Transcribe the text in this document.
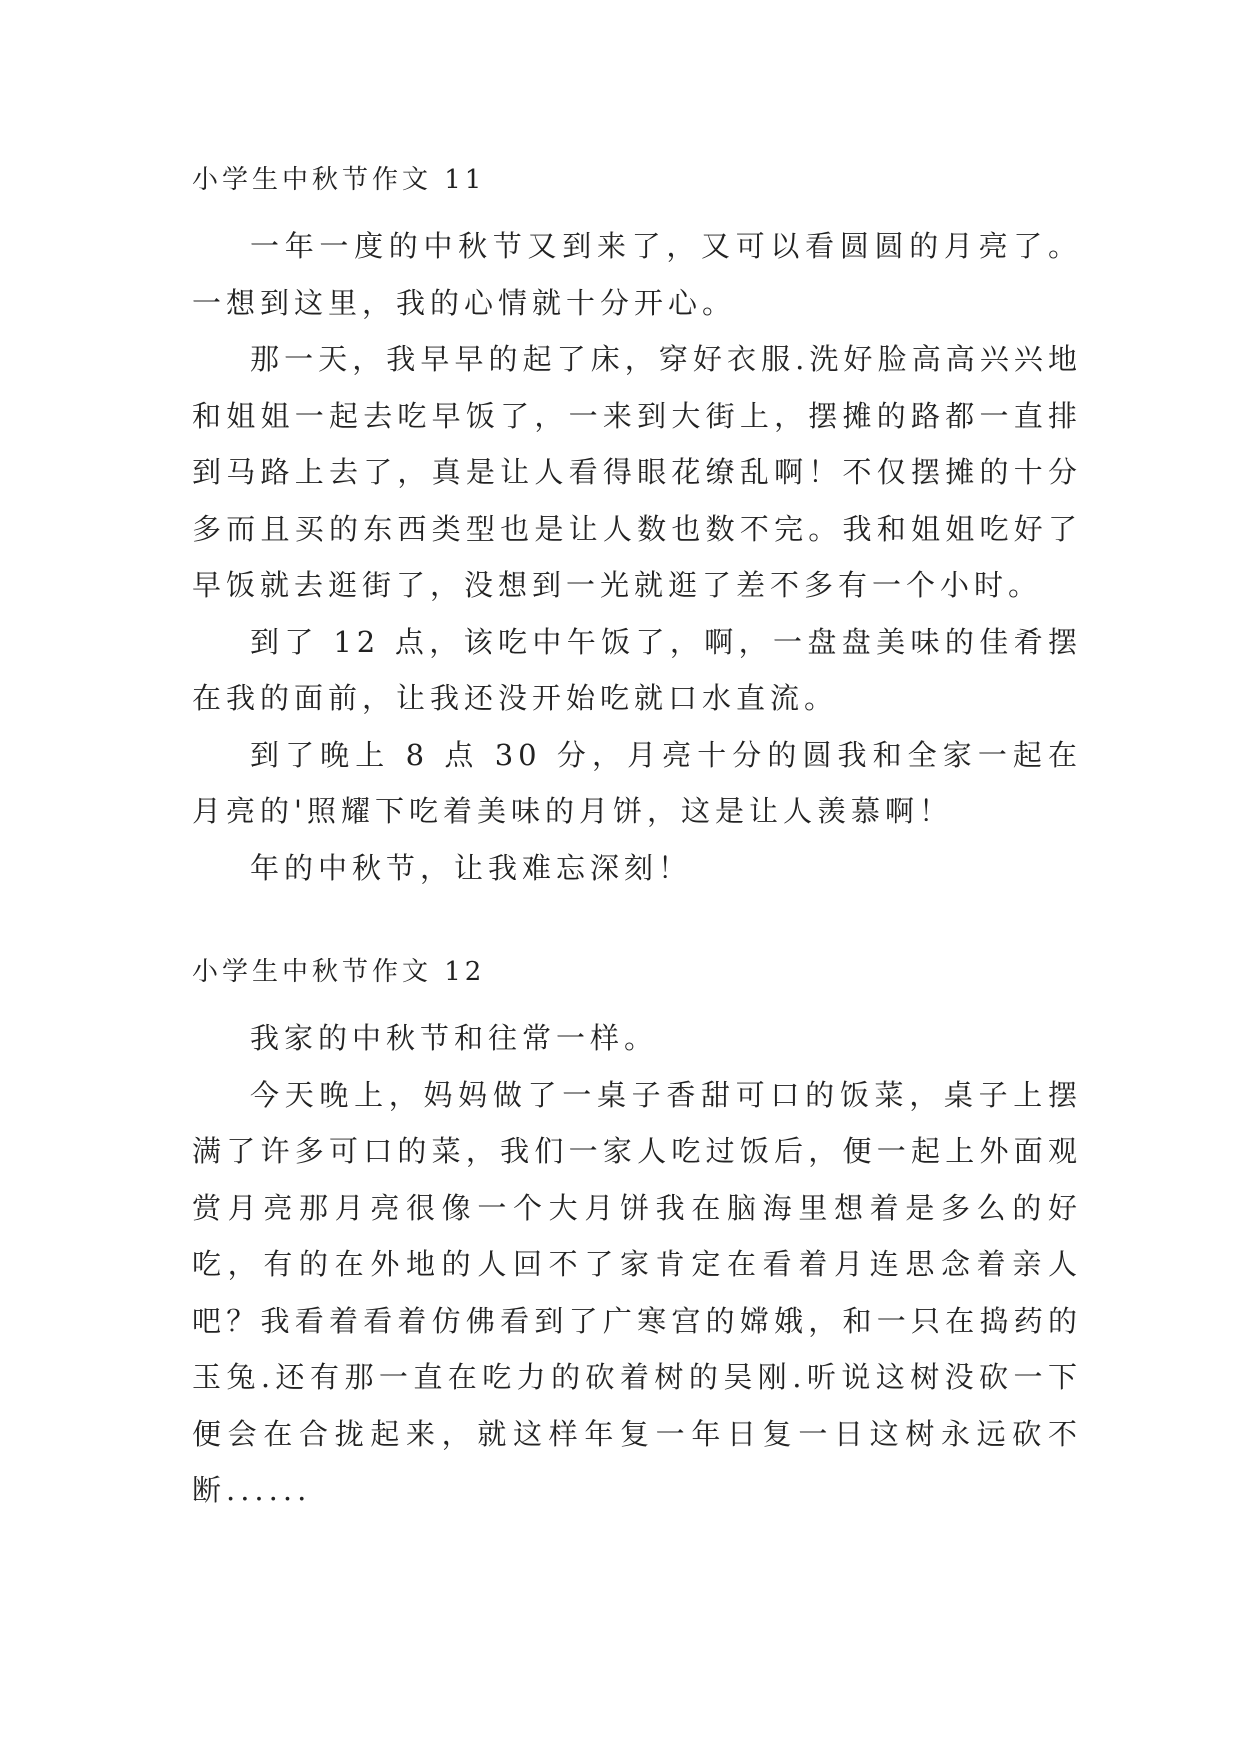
小学生中秋节作文 11

一年一度的中秋节又到来了，又可以看圆圆的月亮了。一想到这里，我的心情就十分开心。

那一天，我早早的起了床，穿好衣服.洗好脸高高兴兴地和姐姐一起去吃早饭了，一来到大街上，摆摊的路都一直排到马路上去了，真是让人看得眼花缭乱啊！不仅摆摊的十分多而且买的东西类型也是让人数也数不完。我和姐姐吃好了早饭就去逛街了，没想到一光就逛了差不多有一个小时。

到了 12 点，该吃中午饭了，啊，一盘盘美味的佳肴摆在我的面前，让我还没开始吃就口水直流。

到了晚上 8 点 30 分，月亮十分的圆我和全家一起在月亮的'照耀下吃着美味的月饼，这是让人羡慕啊！

年的中秋节，让我难忘深刻！

小学生中秋节作文 12

我家的中秋节和往常一样。

今天晚上，妈妈做了一桌子香甜可口的饭菜，桌子上摆满了许多可口的菜，我们一家人吃过饭后，便一起上外面观赏月亮那月亮很像一个大月饼我在脑海里想着是多么的好吃，有的在外地的人回不了家肯定在看着月连思念着亲人吧？我看着看着仿佛看到了广寒宫的嫦娥，和一只在捣药的玉兔.还有那一直在吃力的砍着树的吴刚.听说这树没砍一下便会在合拢起来，就这样年复一年日复一日这树永远砍不断......
